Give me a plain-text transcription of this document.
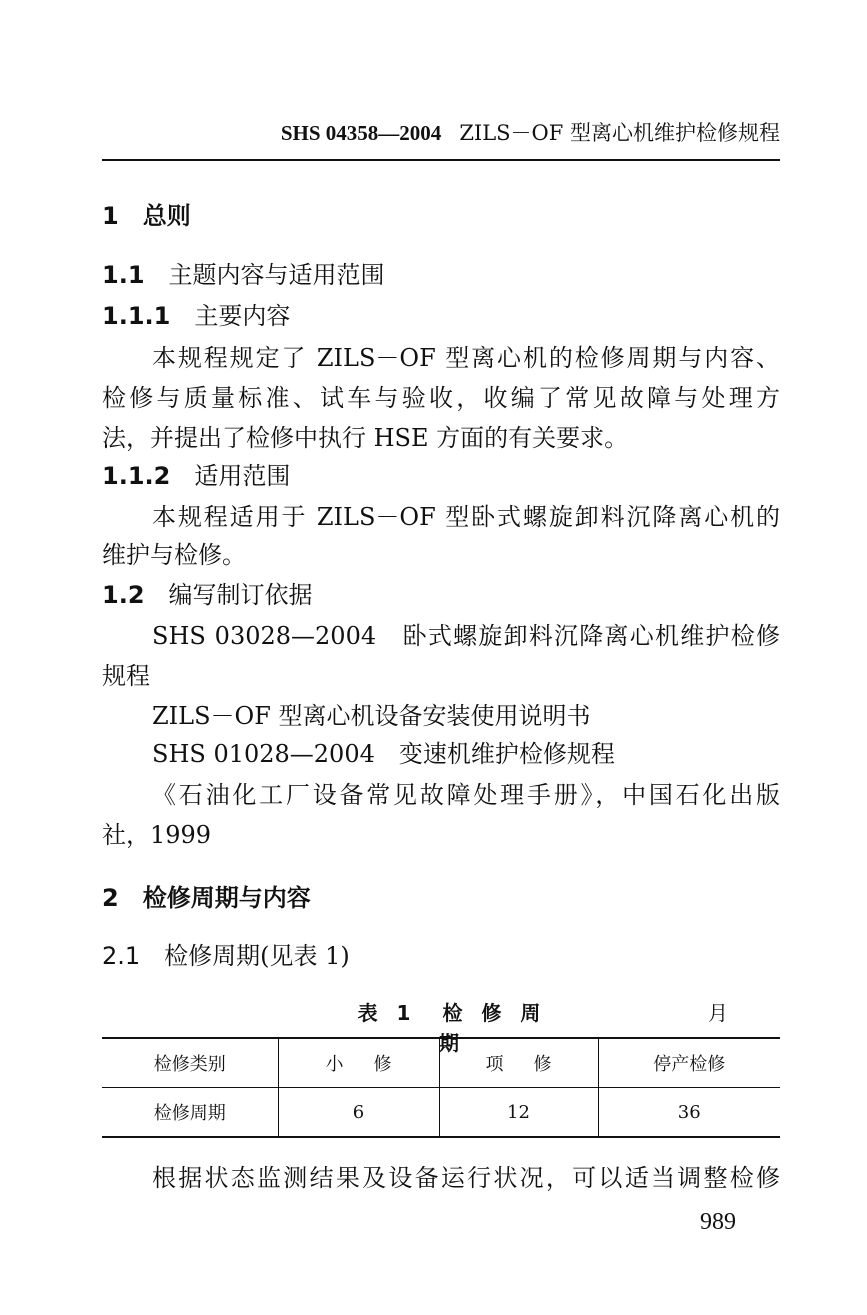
SHS 04358—2004 ZILS－OF 型离心机维护检修规程
1 总则
1.1 主题内容与适用范围
1.1.1 主要内容
本规程规定了 ZILS－OF 型离心机的检修周期与内容、
检修与质量标准、试车与验收，收编了常见故障与处理方
法，并提出了检修中执行 HSE 方面的有关要求。
1.1.2 适用范围
本规程适用于 ZILS－OF 型卧式螺旋卸料沉降离心机的
维护与检修。
1.2 编写制订依据
SHS 03028—2004　卧式螺旋卸料沉降离心机维护检修
规程
ZILS－OF 型离心机设备安装使用说明书
SHS 01028—2004　变速机维护检修规程
《石油化工厂设备常见故障处理手册》，中国石化出版
社，1999
2 检修周期与内容
2.1 检修周期(见表 1)
表 1　检 修 周 期
月
检修类别	小修	项修	停产检修
检修周期	6	12	36
根据状态监测结果及设备运行状况，可以适当调整检修
989
